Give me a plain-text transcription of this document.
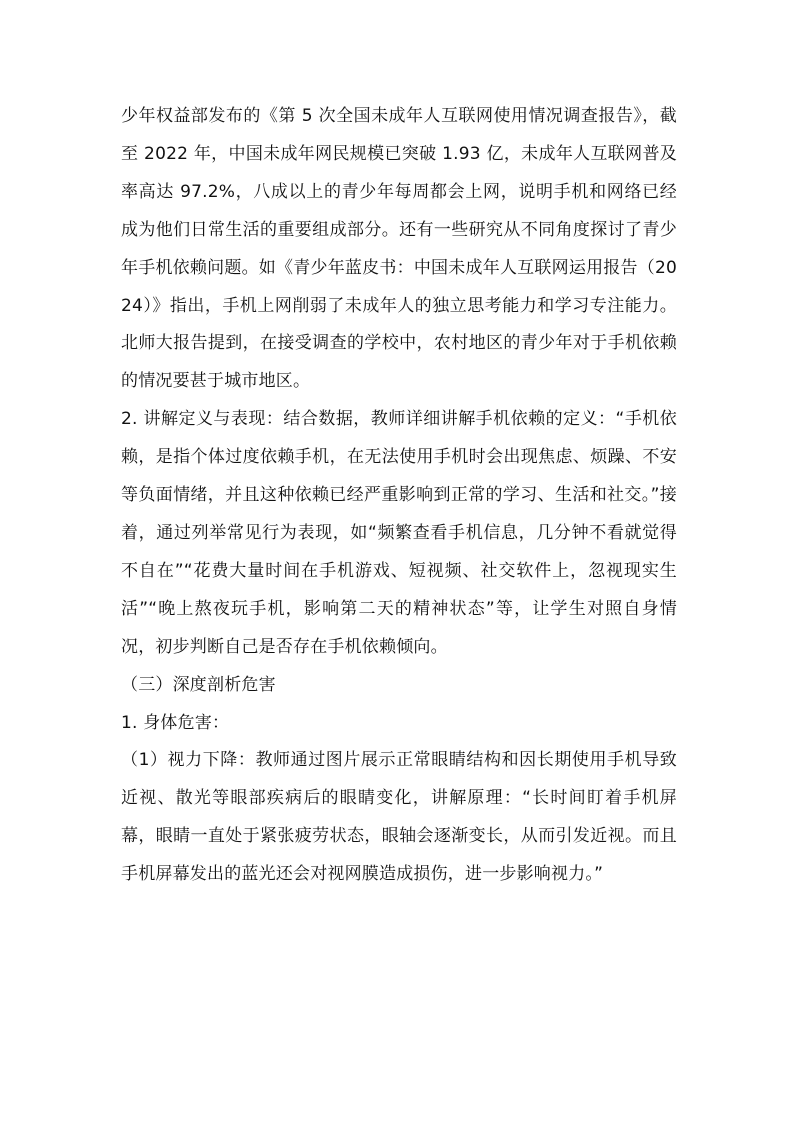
少年权益部发布的《第 5 次全国未成年人互联网使用情况调查报告》，截至 2022 年，中国未成年网民规模已突破 1.93 亿，未成年人互联网普及率高达 97.2%，八成以上的青少年每周都会上网，说明手机和网络已经成为他们日常生活的重要组成部分。还有一些研究从不同角度探讨了青少年手机依赖问题。如《青少年蓝皮书：中国未成年人互联网运用报告（2024）》指出，手机上网削弱了未成年人的独立思考能力和学习专注能力。北师大报告提到，在接受调查的学校中，农村地区的青少年对于手机依赖的情况要甚于城市地区。

2. 讲解定义与表现：结合数据，教师详细讲解手机依赖的定义：“手机依赖，是指个体过度依赖手机，在无法使用手机时会出现焦虑、烦躁、不安等负面情绪，并且这种依赖已经严重影响到正常的学习、生活和社交。”接着，通过列举常见行为表现，如“频繁查看手机信息，几分钟不看就觉得不自在”“花费大量时间在手机游戏、短视频、社交软件上，忽视现实生活”“晚上熬夜玩手机，影响第二天的精神状态”等，让学生对照自身情况，初步判断自己是否存在手机依赖倾向。

（三）深度剖析危害

1. 身体危害：

（1）视力下降：教师通过图片展示正常眼睛结构和因长期使用手机导致近视、散光等眼部疾病后的眼睛变化，讲解原理：“长时间盯着手机屏幕，眼睛一直处于紧张疲劳状态，眼轴会逐渐变长，从而引发近视。而且手机屏幕发出的蓝光还会对视网膜造成损伤，进一步影响视力。”
